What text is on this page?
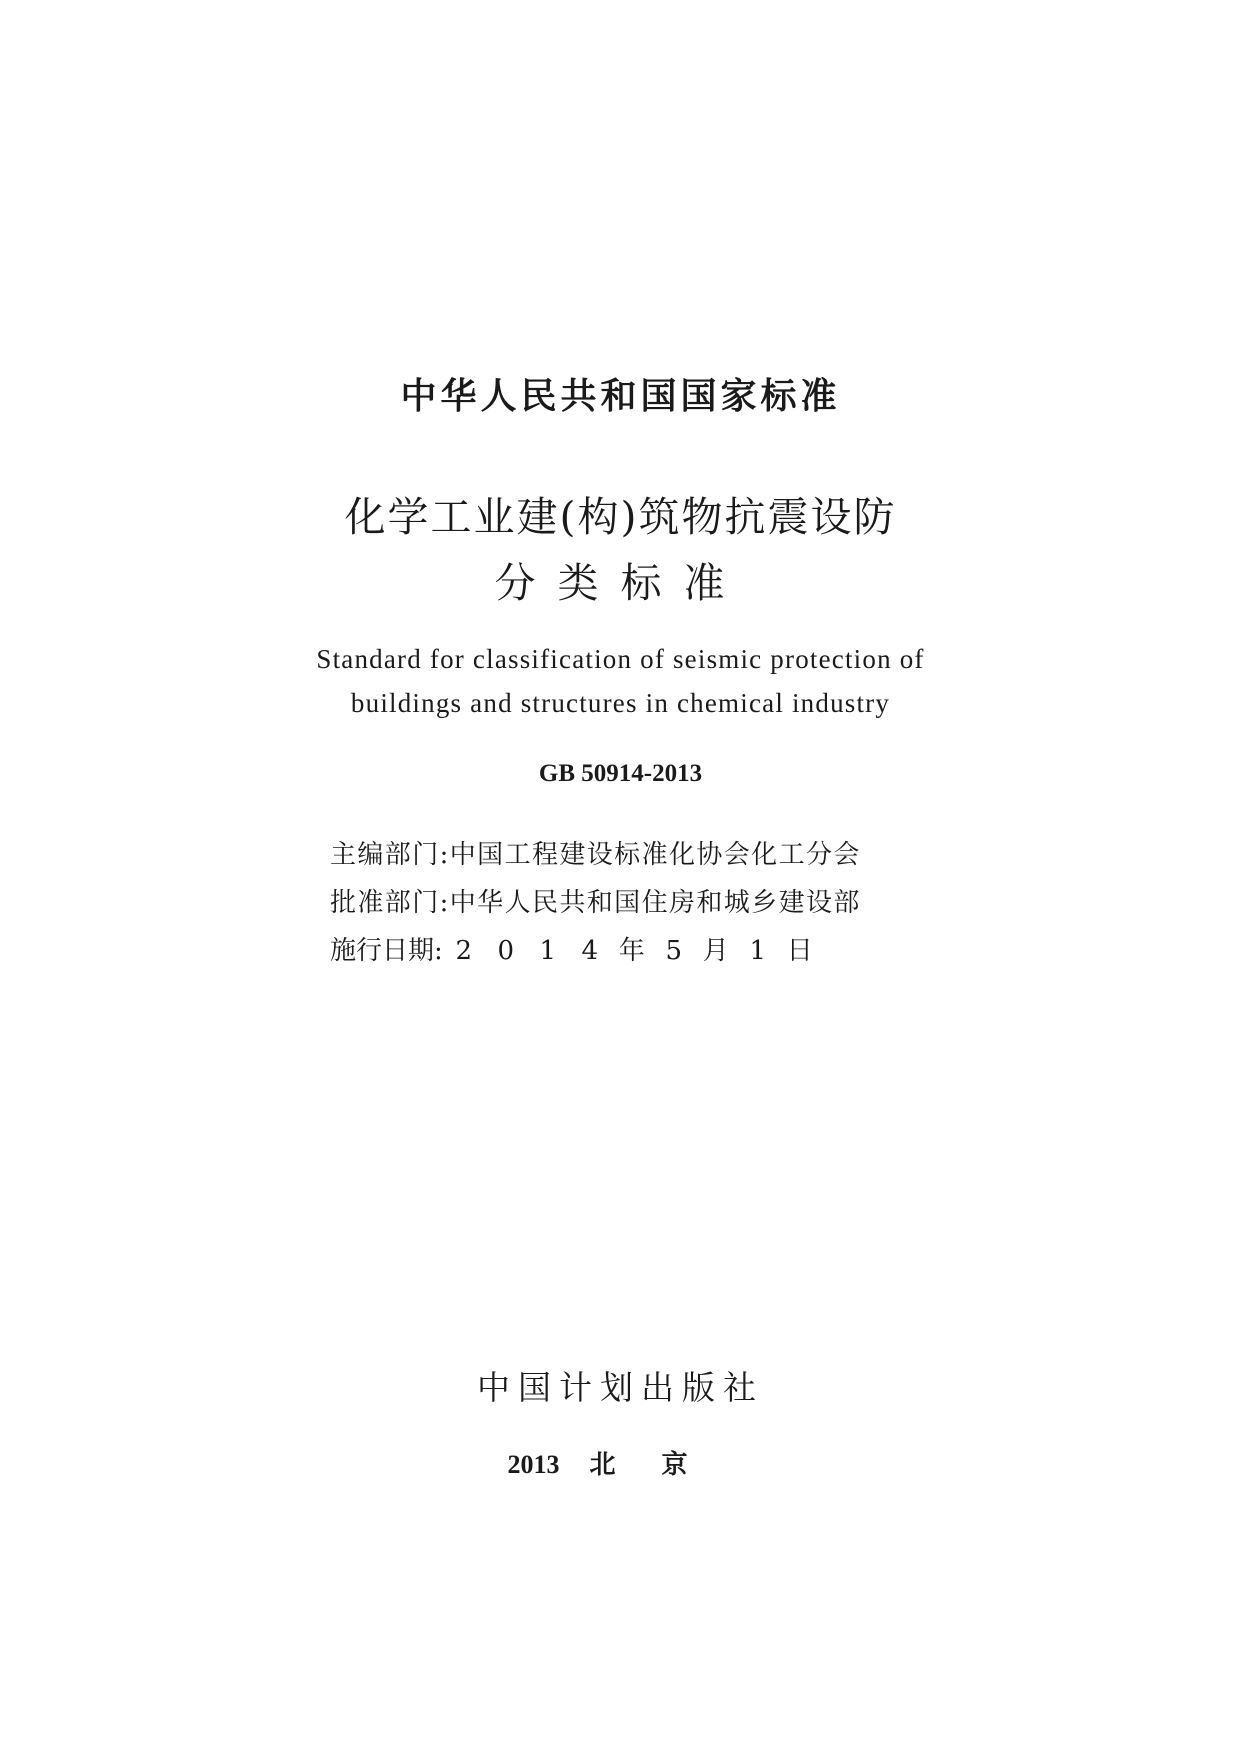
中华人民共和国国家标准
化学工业建(构)筑物抗震设防
分类标准
Standard for classification of seismic protection of
buildings and structures in chemical industry
GB 50914-2013
主编部门:中国工程建设标准化协会化工分会
批准部门:中华人民共和国住房和城乡建设部
施行日期: 2 0 1 4 年 5 月 1 日
中国计划出版社
2013 北京
